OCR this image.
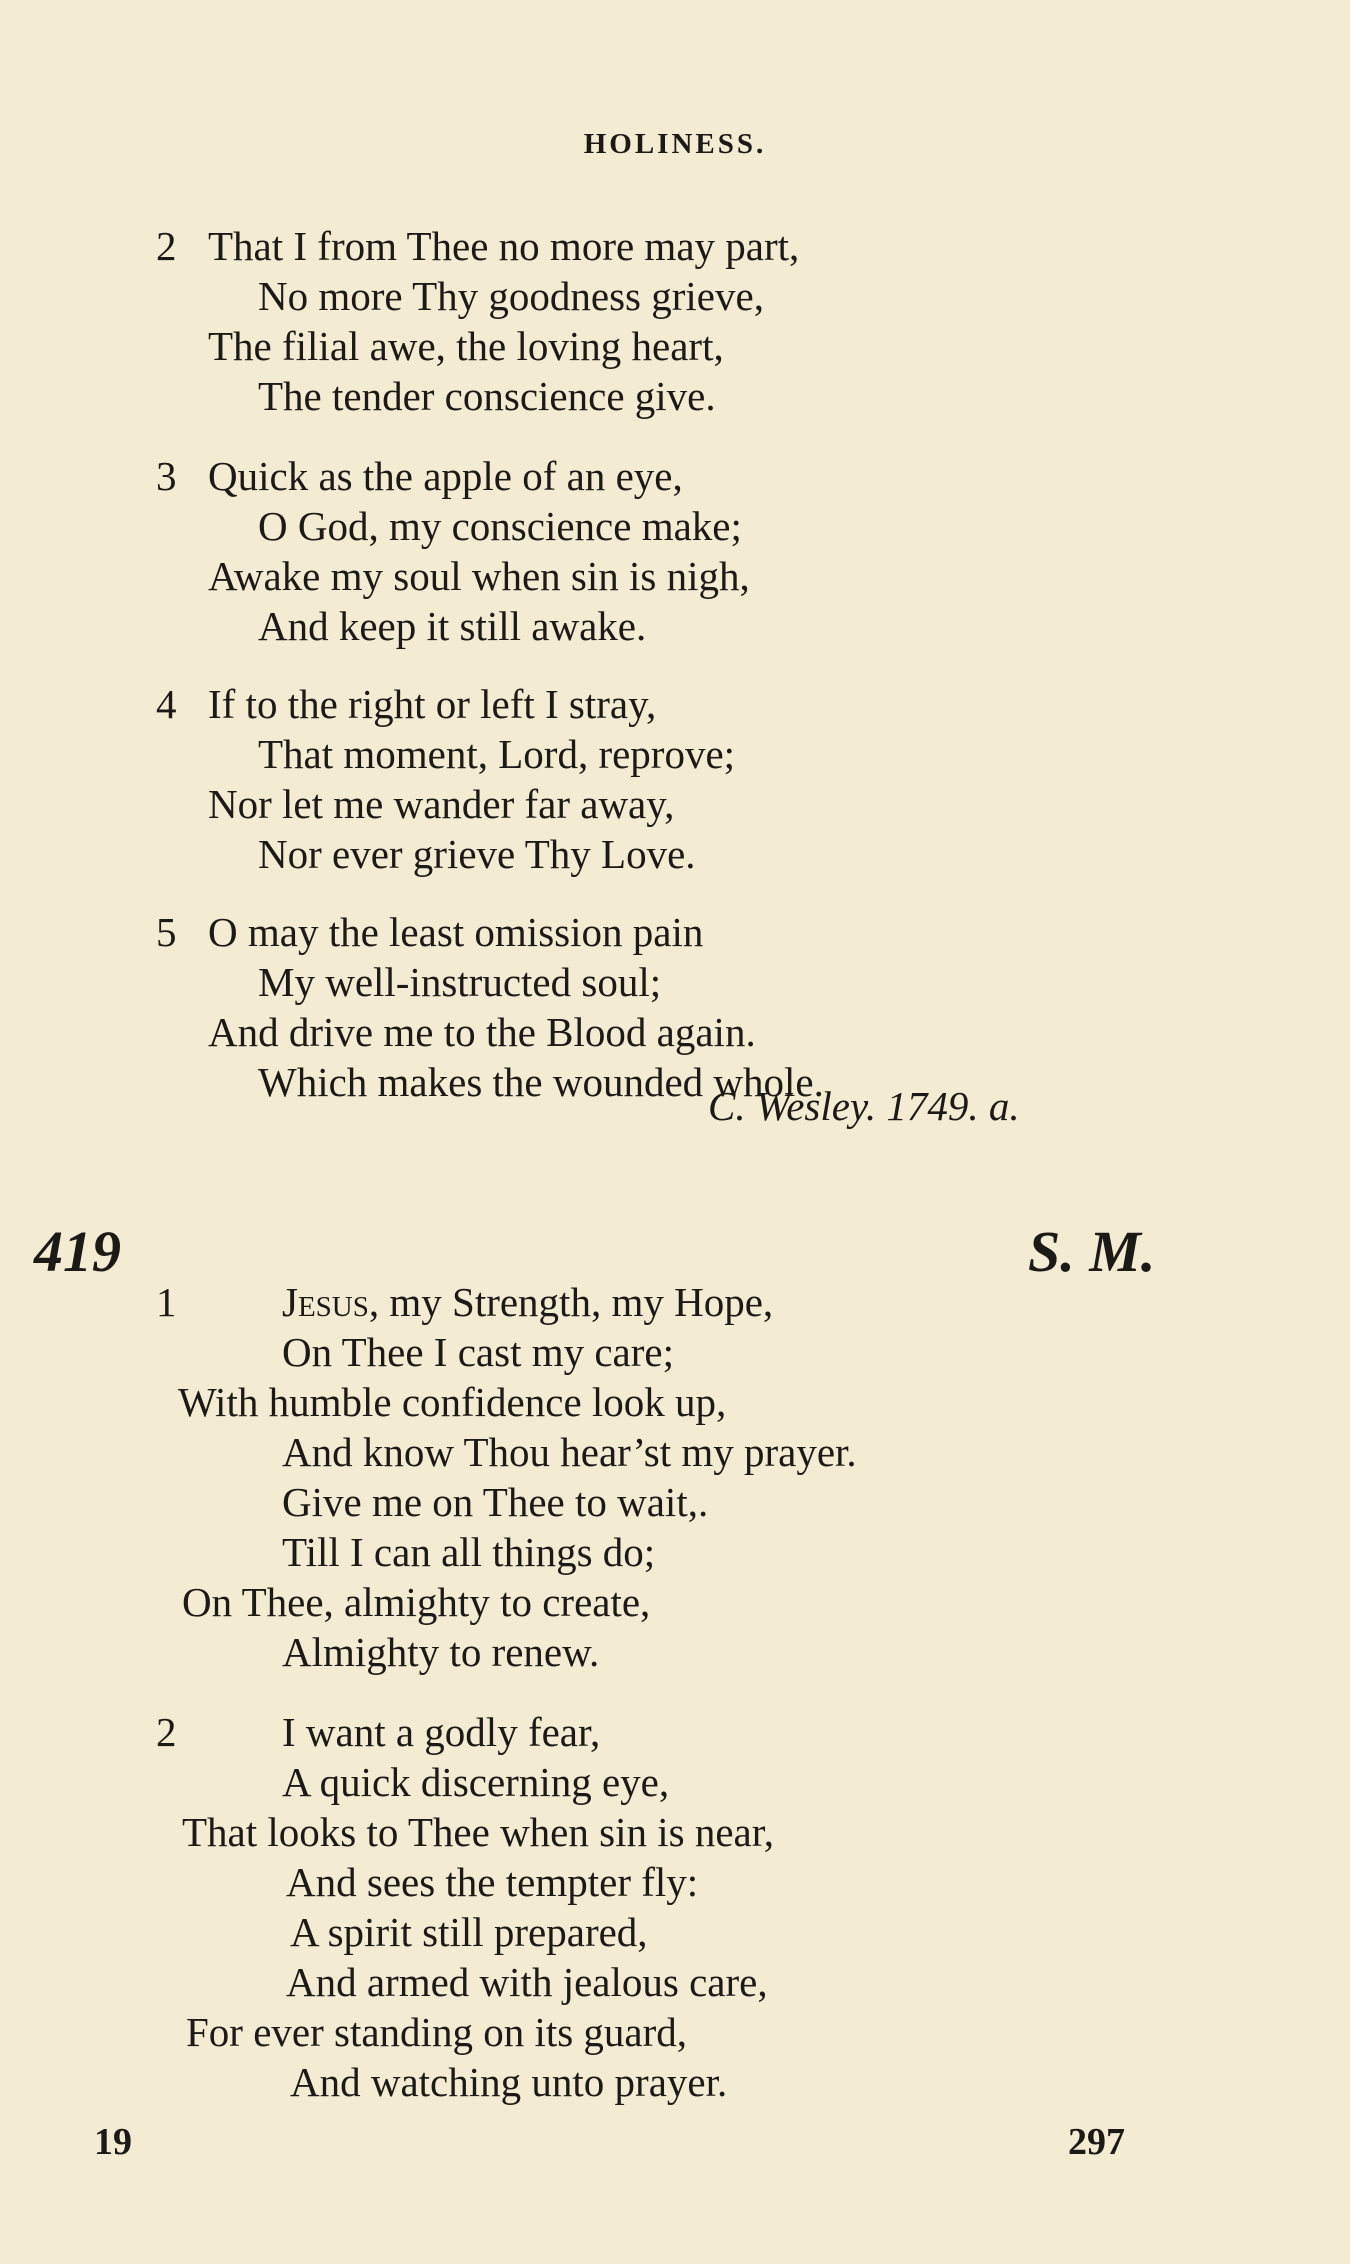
HOLINESS.
2 That I from Thee no more may part,
No more Thy goodness grieve,
The filial awe, the loving heart,
The tender conscience give.
3 Quick as the apple of an eye,
O God, my conscience make;
Awake my soul when sin is nigh,
And keep it still awake.
4 If to the right or left I stray,
That moment, Lord, reprove;
Nor let me wander far away,
Nor ever grieve Thy Love.
5 O may the least omission pain
My well-instructed soul;
And drive me to the Blood again.
Which makes the wounded whole.
C. Wesley. 1749. a.
419	S. M.
1	Jesus, my Strength, my Hope,
On Thee I cast my care;
With humble confidence look up,
And know Thou hear’st my prayer.
Give me on Thee to wait,.
Till I can all things do;
On Thee, almighty to create,
Almighty to renew.
2	I want a godly fear,
A quick discerning eye,
That looks to Thee when sin is near,
And sees the tempter fly:
A spirit still prepared,
And armed with jealous care,
For ever standing on its guard,
And watching unto prayer.
19	297
